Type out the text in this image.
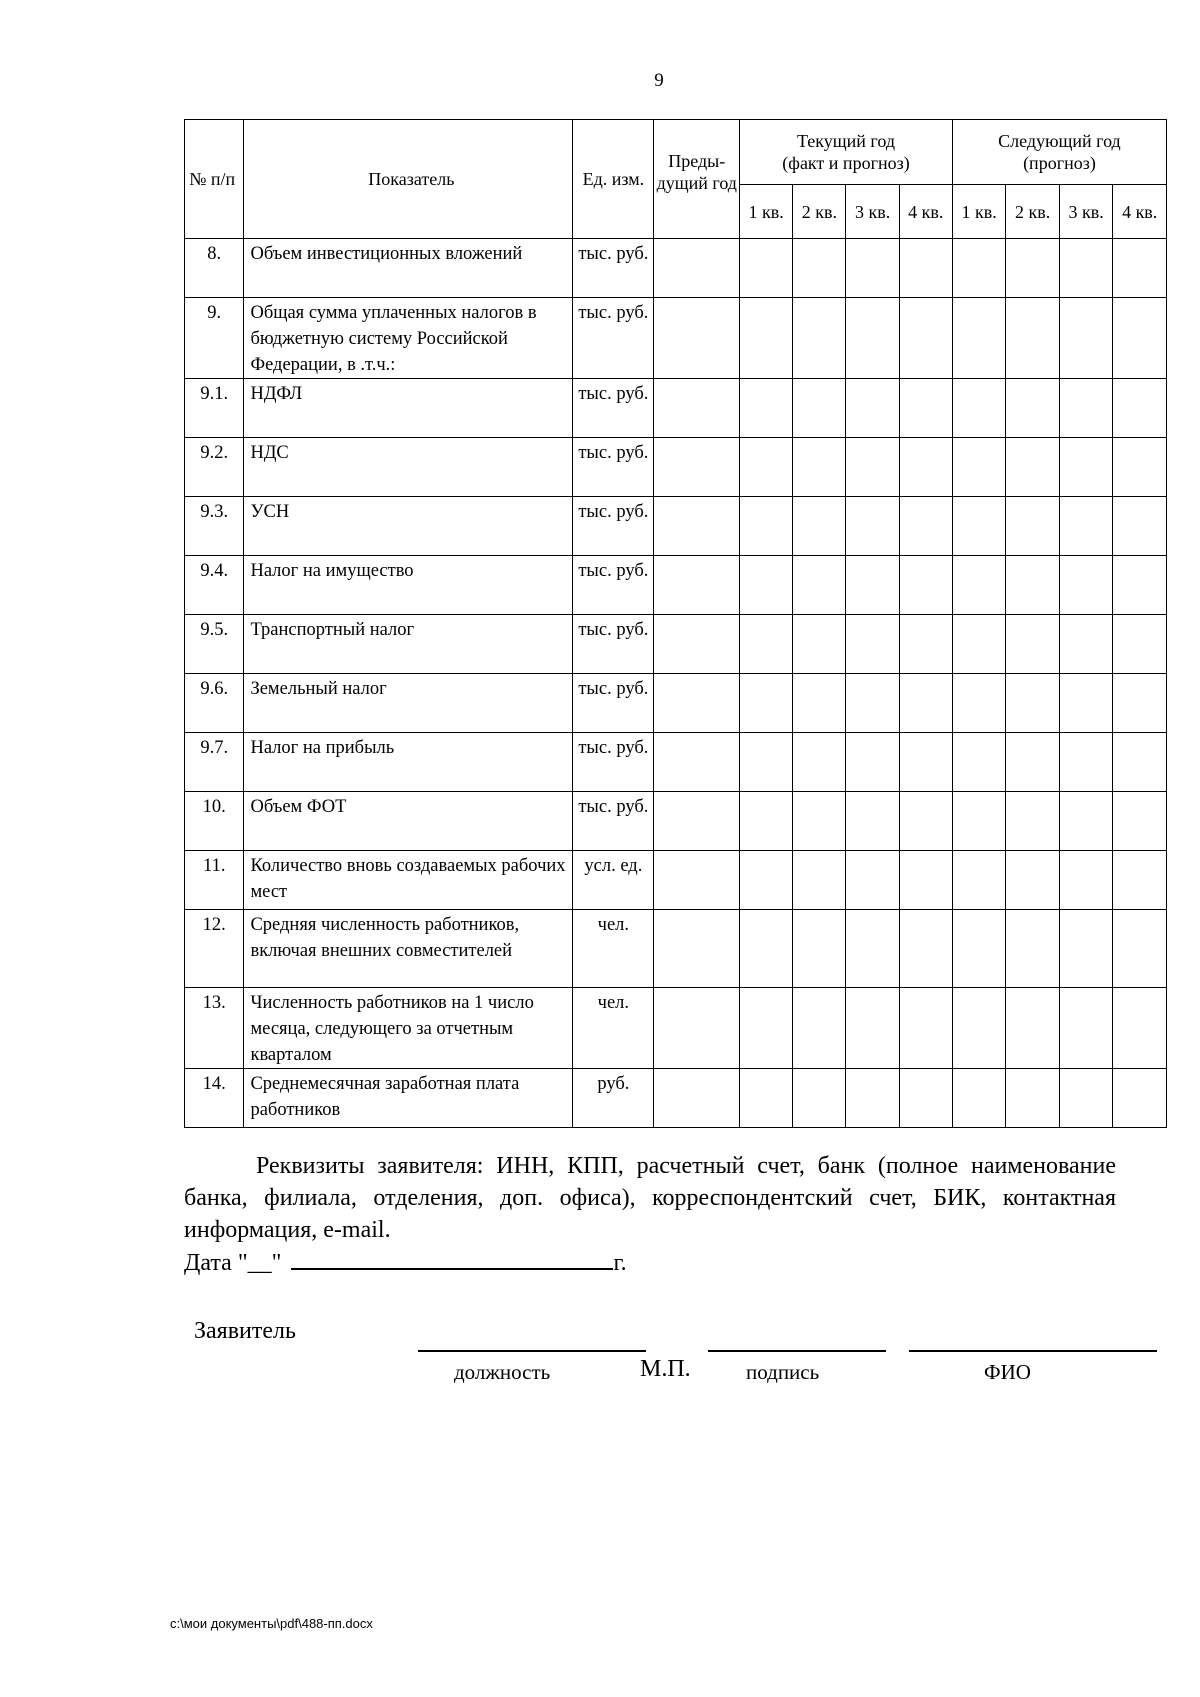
9
№ п/п	Показатель	Ед. изм.	Преды- дущий год	Текущий год (факт и прогноз)				Следующий год (прогноз)			
				1 кв.	2 кв.	3 кв.	4 кв.	1 кв.	2 кв.	3 кв.	4 кв.
8.	Объем инвестиционных вложений	тыс. руб.									
9.	Общая сумма уплаченных налогов в бюджетную систему Российской Федерации, в .т.ч.:	тыс. руб.									
9.1.	НДФЛ	тыс. руб.									
9.2.	НДС	тыс. руб.									
9.3.	УСН	тыс. руб.									
9.4.	Налог на имущество	тыс. руб.									
9.5.	Транспортный налог	тыс. руб.									
9.6.	Земельный налог	тыс. руб.									
9.7.	Налог на прибыль	тыс. руб.									
10.	Объем ФОТ	тыс. руб.									
11.	Количество вновь создаваемых рабочих мест	усл. ед.									
12.	Средняя численность работников, включая внешних совместителей	чел.									
13.	Численность работников на 1 число месяца, следующего за отчетным кварталом	чел.									
14.	Среднемесячная заработная плата работников	руб.									
Реквизиты заявителя: ИНН, КПП, расчетный счет, банк (полное наименование банка, филиала, отделения, доп. офиса), корреспондентский счет, БИК, контактная информация, e-mail.
Дата "__"	г.
Заявитель
должность	М.П.	подпись	ФИО
c:\мои документы\pdf\488-пп.docx
